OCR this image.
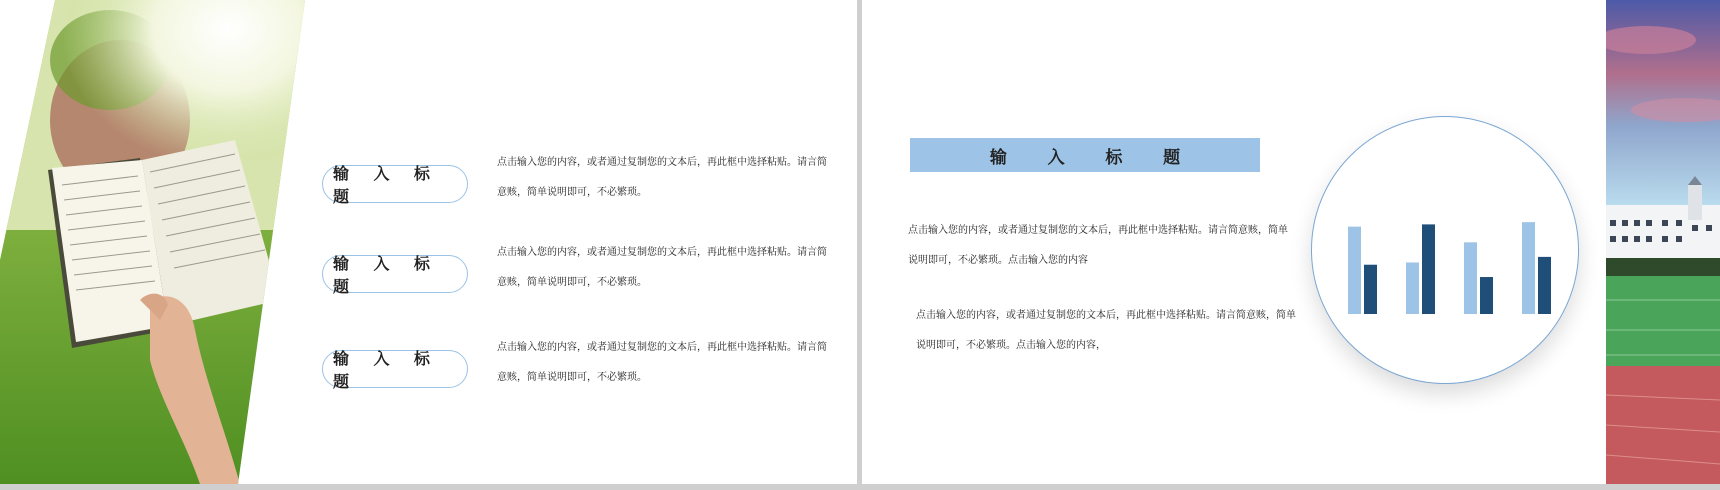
输 入 标 题
点击输入您的内容，或者通过复制您的文本后，再此框中选择粘贴。请言简意赅，简单说明即可，不必繁琐。
输 入 标 题
点击输入您的内容，或者通过复制您的文本后，再此框中选择粘贴。请言简意赅，简单说明即可，不必繁琐。
输 入 标 题
点击输入您的内容，或者通过复制您的文本后，再此框中选择粘贴。请言简意赅，简单说明即可，不必繁琐。
输 入 标 题
点击输入您的内容，或者通过复制您的文本后，再此框中选择粘贴。请言简意赅，简单说明即可，不必繁琐。点击输入您的内容
点击输入您的内容，或者通过复制您的文本后，再此框中选择粘贴。请言简意赅，简单说明即可，不必繁琐。点击输入您的内容，
